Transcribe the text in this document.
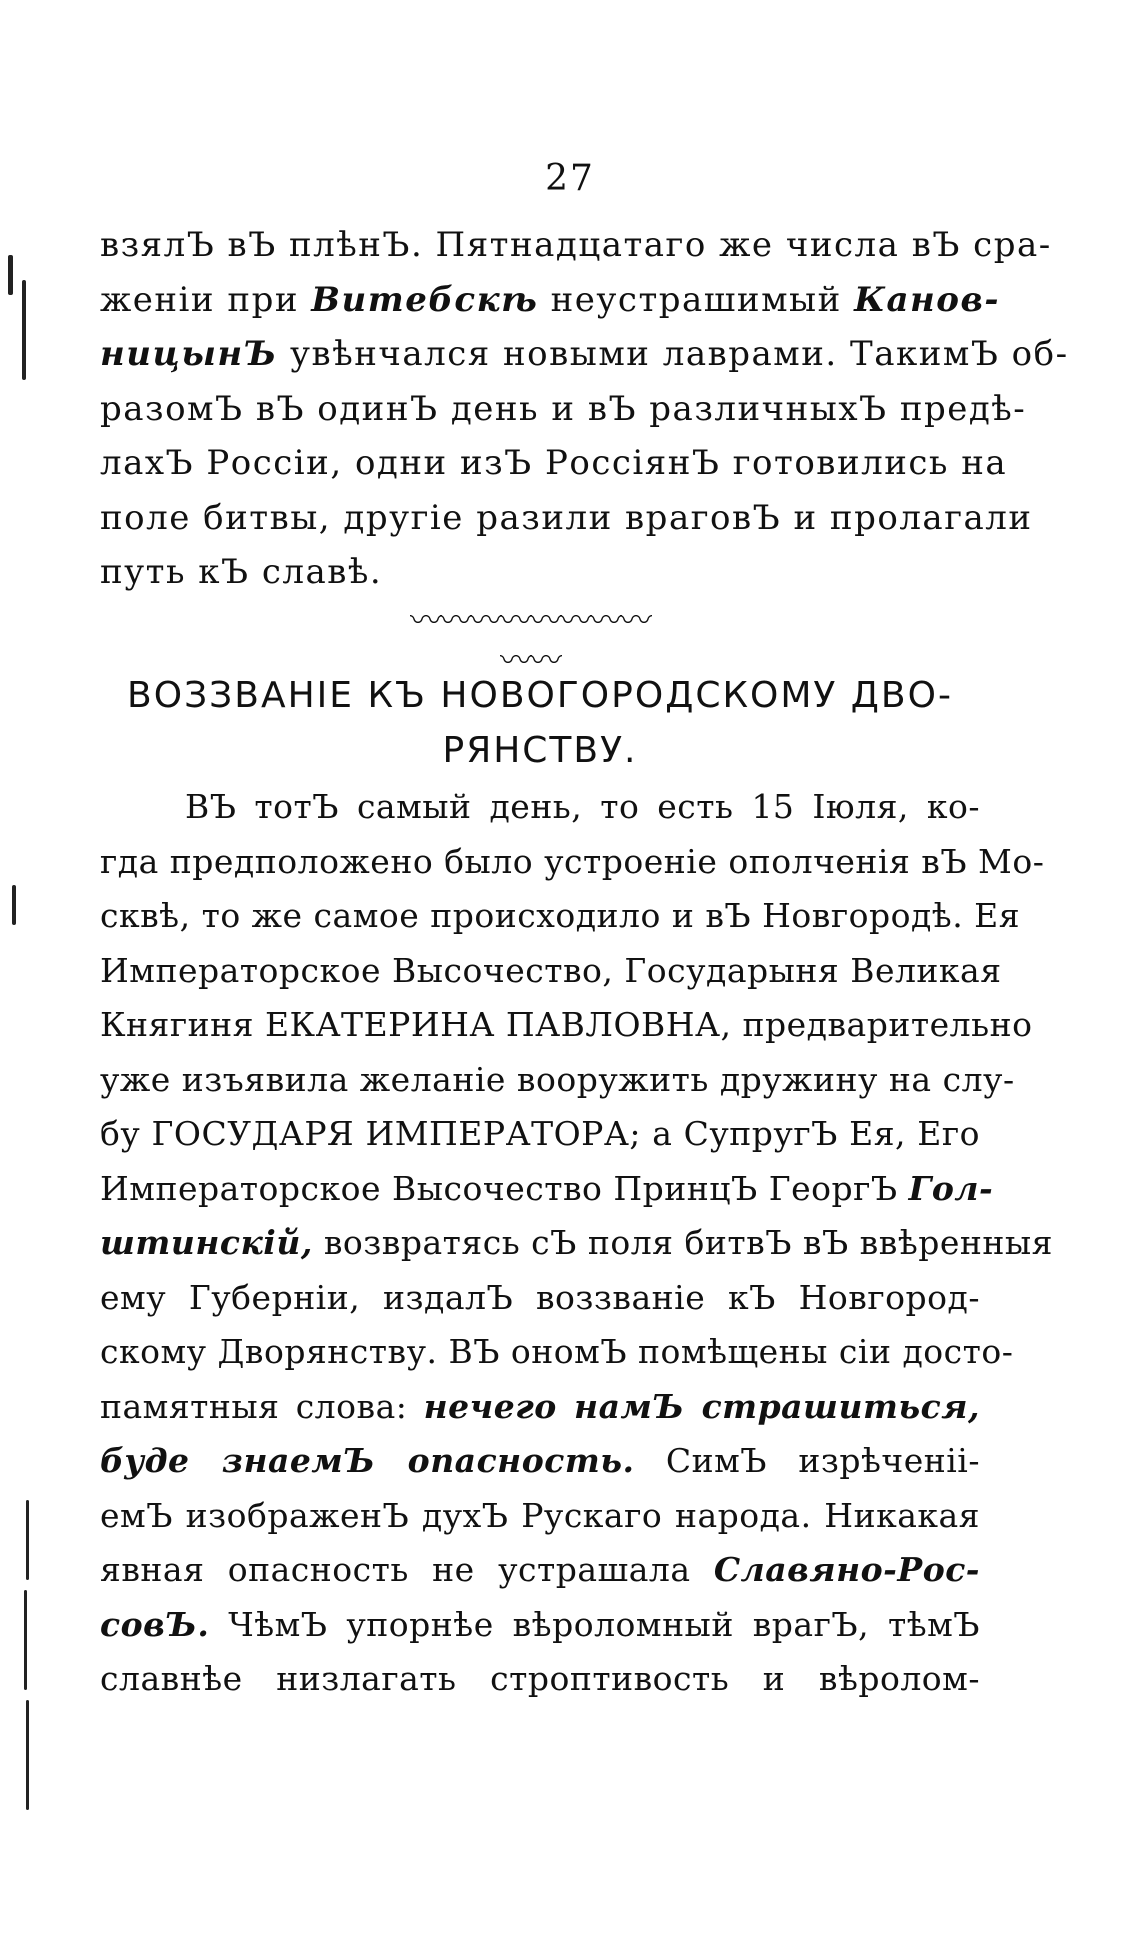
27
взялЪ вЪ плѣнЪ. Пятнадцатаго же числа вЪ сра-
женіи при Витебскѣ неустрашимый Канов-
ницынЪ увѣнчался новыми лаврами. ТакимЪ об-
разомЪ вЪ одинЪ день и вЪ различныхЪ предѣ-
лахЪ Россіи, одни изЪ РоссіянЪ готовились на
поле битвы, другіе разили враговЪ и пролагали
путь кЪ славѣ.
〰〰〰〰〰〰〰〰〰〰
ВОЗЗВАНІЕ КЪ НОВОГОРОДСКОМУ ДВО-
РЯНСТВУ.
ВЪ тотЪ самый день, то есть 15 Іюля, ко-
гда предположено было устроеніе ополченія вЪ Мо-
сквѣ, то же самое происходило и вЪ Новгородѣ. Ея
Императорское Высочество, Государыня Великая
Княгиня ЕКАТЕРИНА ПАВЛОВНА, предварительно
уже изъявила желаніе вооружить дружину на слу-
бу ГОСУДАРЯ ИМПЕРАТОРА; а СупругЪ Ея, Его
Императорское Высочество ПринцЪ ГеоргЪ Гол-
штинскій, возвратясь сЪ поля битвЪ вЪ ввѣренныя
ему Губерніи, издалЪ воззваніе кЪ Новгород-
скому Дворянству. ВЪ ономЪ помѣщены сіи достo-
памятныя слова: нечего намЪ страшиться,
буде знаемЪ опасность. СимЪ изрѣченіі-
емЪ изображенЪ духЪ Рускаго народа. Никакая
явная опасность не устрашала Славяно-Рос-
совЪ. ЧѣмЪ упорнѣе вѣроломный врагЪ, тѣмЪ
славнѣе низлагать строптивость и вѣролом-
